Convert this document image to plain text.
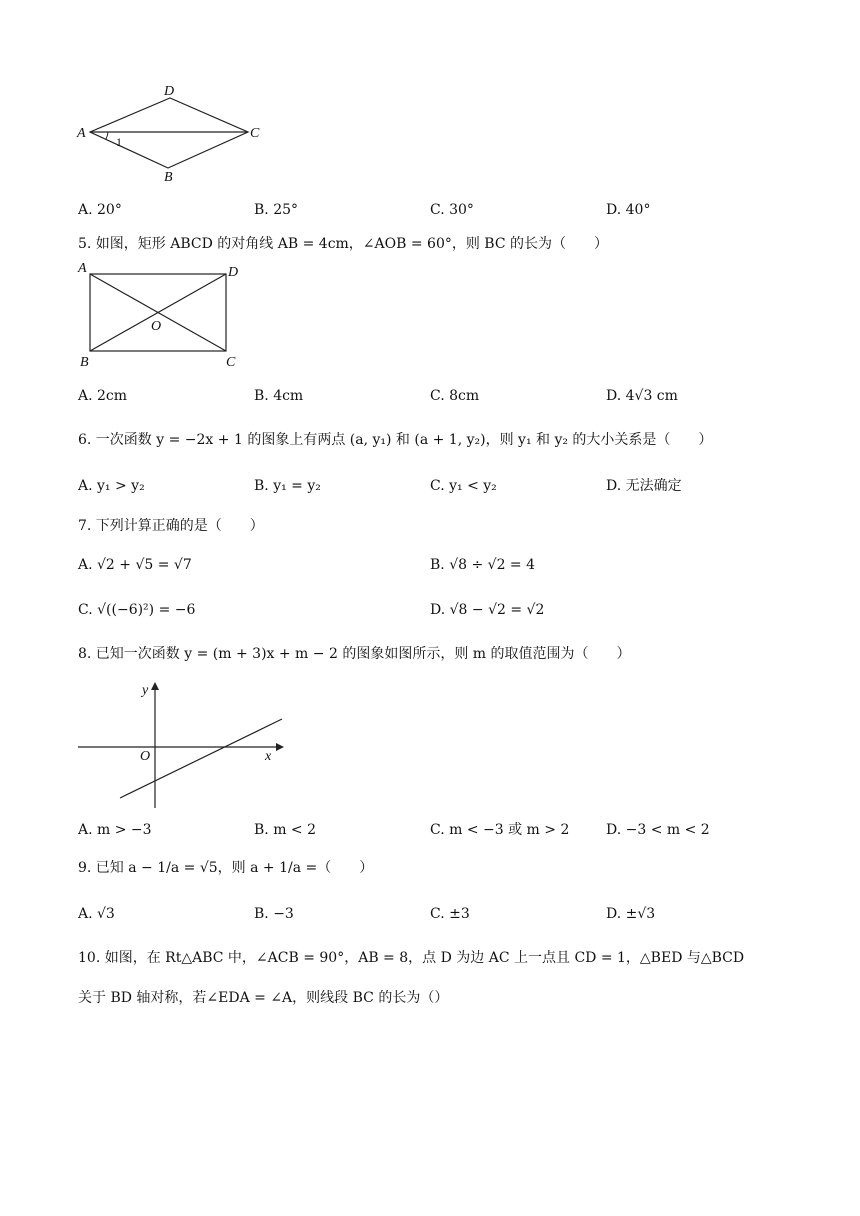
D
A	C
B
1
A. 20°	B. 25°	C. 30°	D. 40°
5. 如图，矩形 ABCD 的对角线 AB = 4cm，∠AOB = 60°，则 BC 的长为（　　）
A	D
O
B	C
A. 2cm	B. 4cm	C. 8cm	D. 4√3 cm
6. 一次函数 y = −2x + 1 的图象上有两点 (a, y₁) 和 (a + 1, y₂)，则 y₁ 和 y₂ 的大小关系是（　　）
A. y₁ > y₂	B. y₁ = y₂	C. y₁ < y₂	D. 无法确定
7. 下列计算正确的是（　　）
A. √2 + √5 = √7	B. √8 ÷ √2 = 4
C. √((−6)²) = −6	D. √8 − √2 = √2
8. 已知一次函数 y = (m + 3)x + m − 2 的图象如图所示，则 m 的取值范围为（　　）
y
x
O
A. m > −3	B. m < 2	C. m < −3 或 m > 2	D. −3 < m < 2
9. 已知 a − 1/a = √5，则 a + 1/a =（　　）
A. √3	B. −3	C. ±3	D. ±√3
10. 如图，在 Rt△ABC 中，∠ACB = 90°，AB = 8，点 D 为边 AC 上一点且 CD = 1，△BED 与△BCD
关于 BD 轴对称，若∠EDA = ∠A，则线段 BC 的长为（）
